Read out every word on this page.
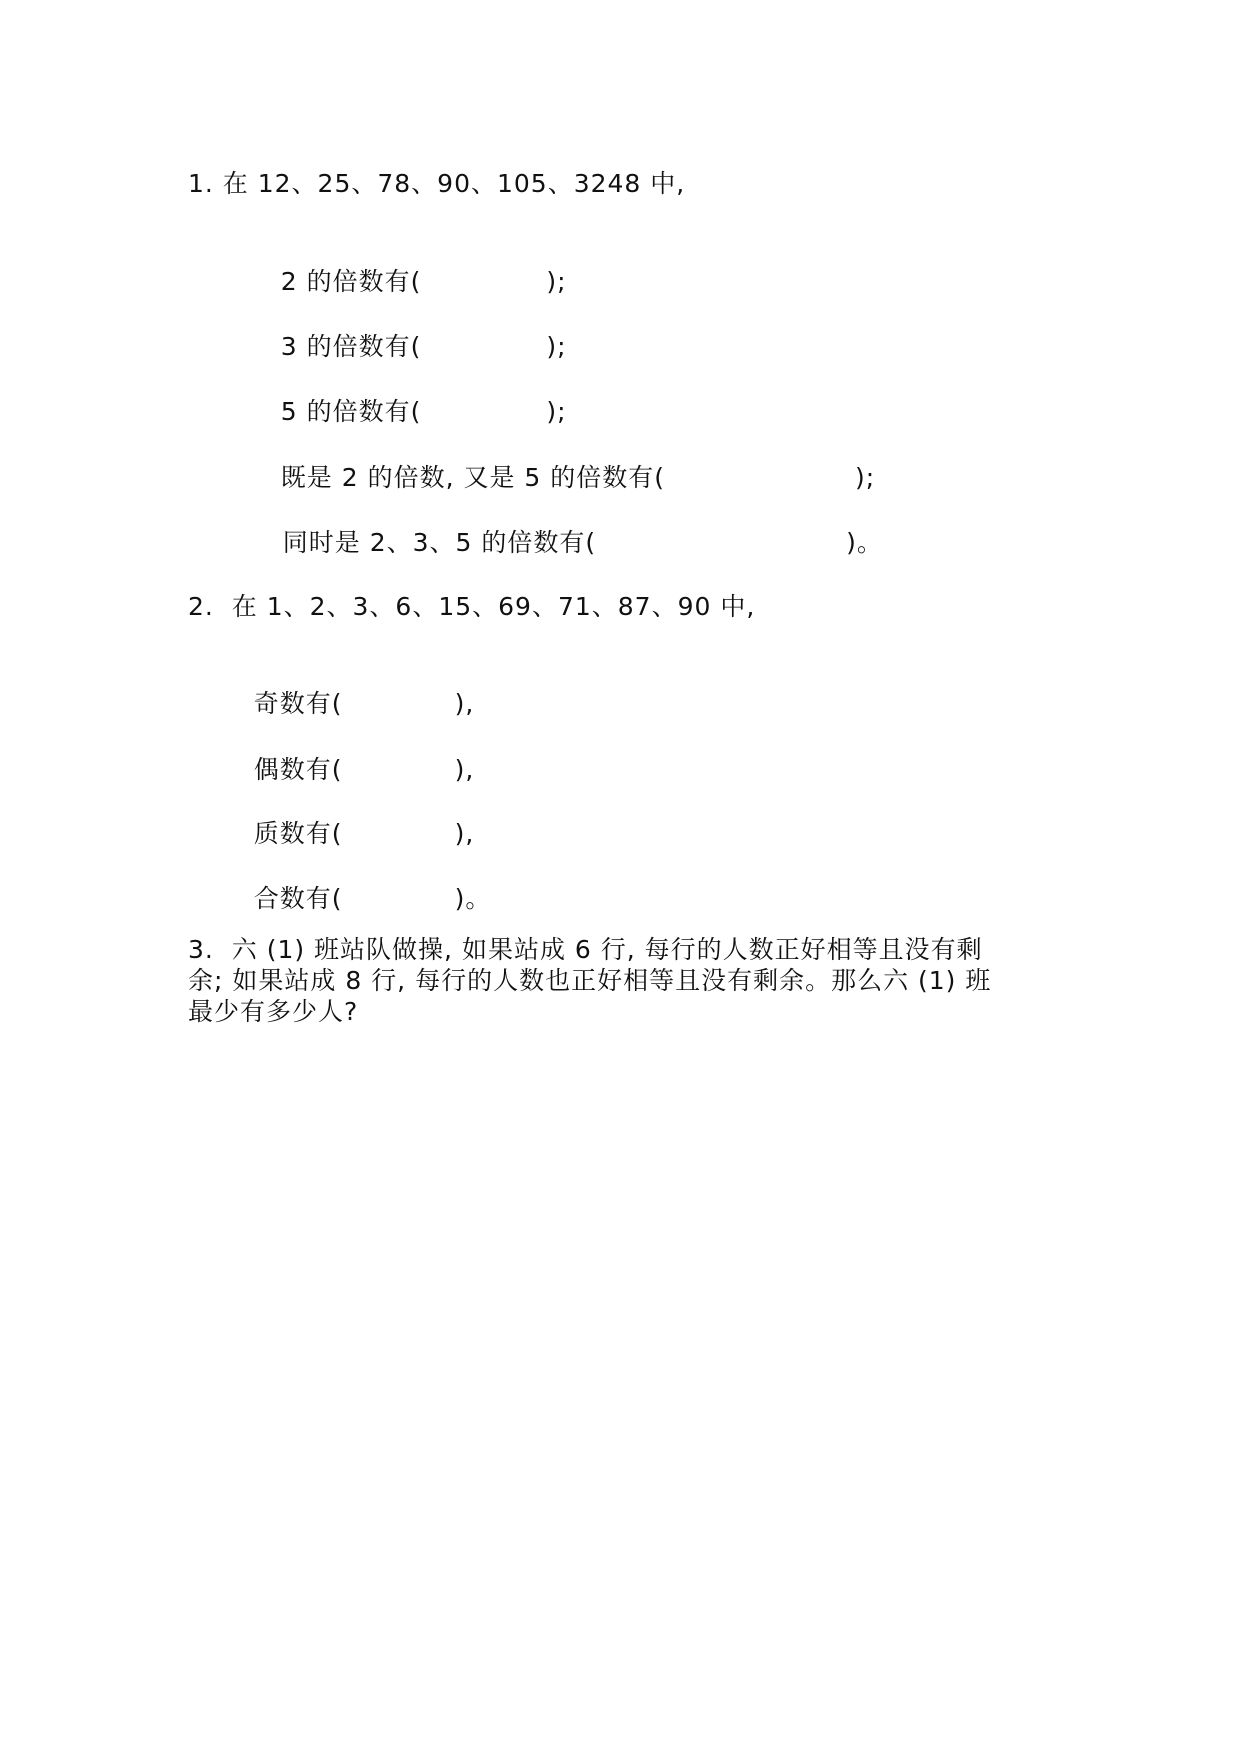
1. 在 12、25、78、90、105、3248 中,

2 的倍数有(	);

3 的倍数有(	);

5 的倍数有(	);

既是 2 的倍数, 又是 5 的倍数有(	);

同时是 2、3、5 的倍数有(	)。

2.  在 1、2、3、6、15、69、71、87、90 中,

奇数有(	),

偶数有(	),

质数有(	),

合数有(	)。

3.  六 (1) 班站队做操, 如果站成 6 行, 每行的人数正好相等且没有剩
余; 如果站成 8 行, 每行的人数也正好相等且没有剩余。那么六 (1) 班
最少有多少人?
